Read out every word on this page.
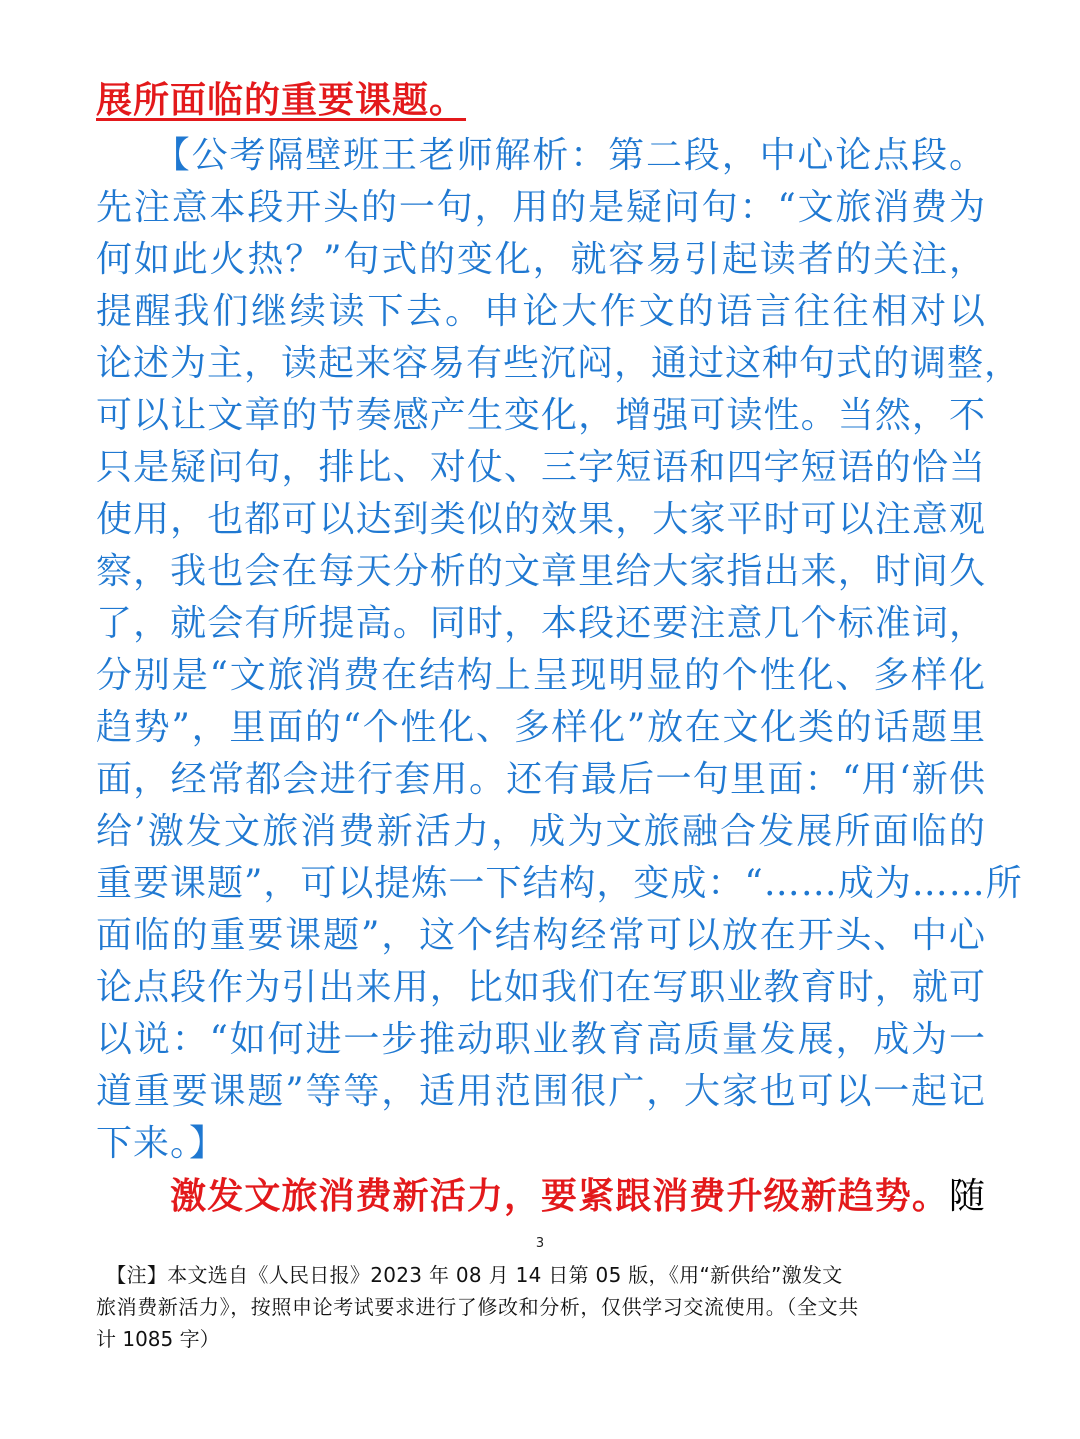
展所面临的重要课题。
　　【公考隔壁班王老师解析：第二段，中心论点段。
先注意本段开头的一句，用的是疑问句：“文旅消费为
何如此火热？”句式的变化，就容易引起读者的关注，
提醒我们继续读下去。申论大作文的语言往往相对以
论述为主，读起来容易有些沉闷，通过这种句式的调整，
可以让文章的节奏感产生变化，增强可读性。当然，不
只是疑问句，排比、对仗、三字短语和四字短语的恰当
使用，也都可以达到类似的效果，大家平时可以注意观
察，我也会在每天分析的文章里给大家指出来，时间久
了，就会有所提高。同时，本段还要注意几个标准词，
分别是“文旅消费在结构上呈现明显的个性化、多样化
趋势”，里面的“个性化、多样化”放在文化类的话题里
面，经常都会进行套用。还有最后一句里面：“用‘新供
给’激发文旅消费新活力，成为文旅融合发展所面临的
重要课题”，可以提炼一下结构，变成：“……成为……所
面临的重要课题”，这个结构经常可以放在开头、中心
论点段作为引出来用，比如我们在写职业教育时，就可
以说：“如何进一步推动职业教育高质量发展，成为一
道重要课题”等等，适用范围很广，大家也可以一起记
下来。】
　　激发文旅消费新活力，要紧跟消费升级新趋势。随
3
　【注】本文选自《人民日报》2023 年 08 月 14 日第 05 版，《用“新供给”激发文
旅消费新活力》，按照申论考试要求进行了修改和分析，仅供学习交流使用。（全文共
计 1085 字）
